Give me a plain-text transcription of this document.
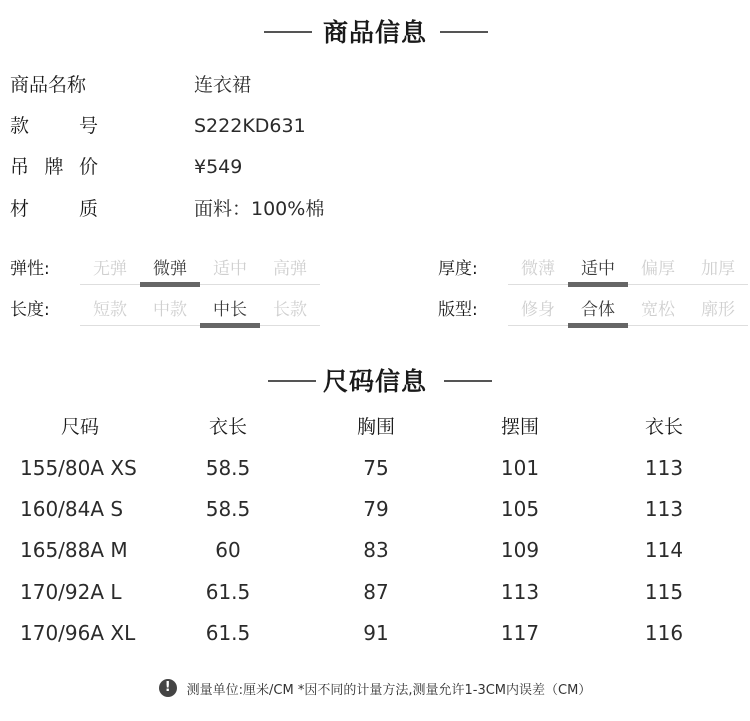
商品信息
商品名称	连衣裙
款	号	S222KD631
吊 牌 价	¥549
材	质	面料：100%棉
弹性:	无弹	微弹	适中	高弹	厚度:	微薄	适中	偏厚	加厚
长度:	短款	中款	中长	长款	版型:	修身	合体	宽松	廓形
尺码信息
尺码	衣长	胸围	摆围	衣长
155/80A XS	58.5	75	101	113
160/84A S	58.5	79	105	113
165/88A M	60	83	109	114
170/92A L	61.5	87	113	115
170/96A XL	61.5	91	117	116
!	测量单位:厘米/CM *因不同的计量方法,测量允许1-3CM内误差（CM）
